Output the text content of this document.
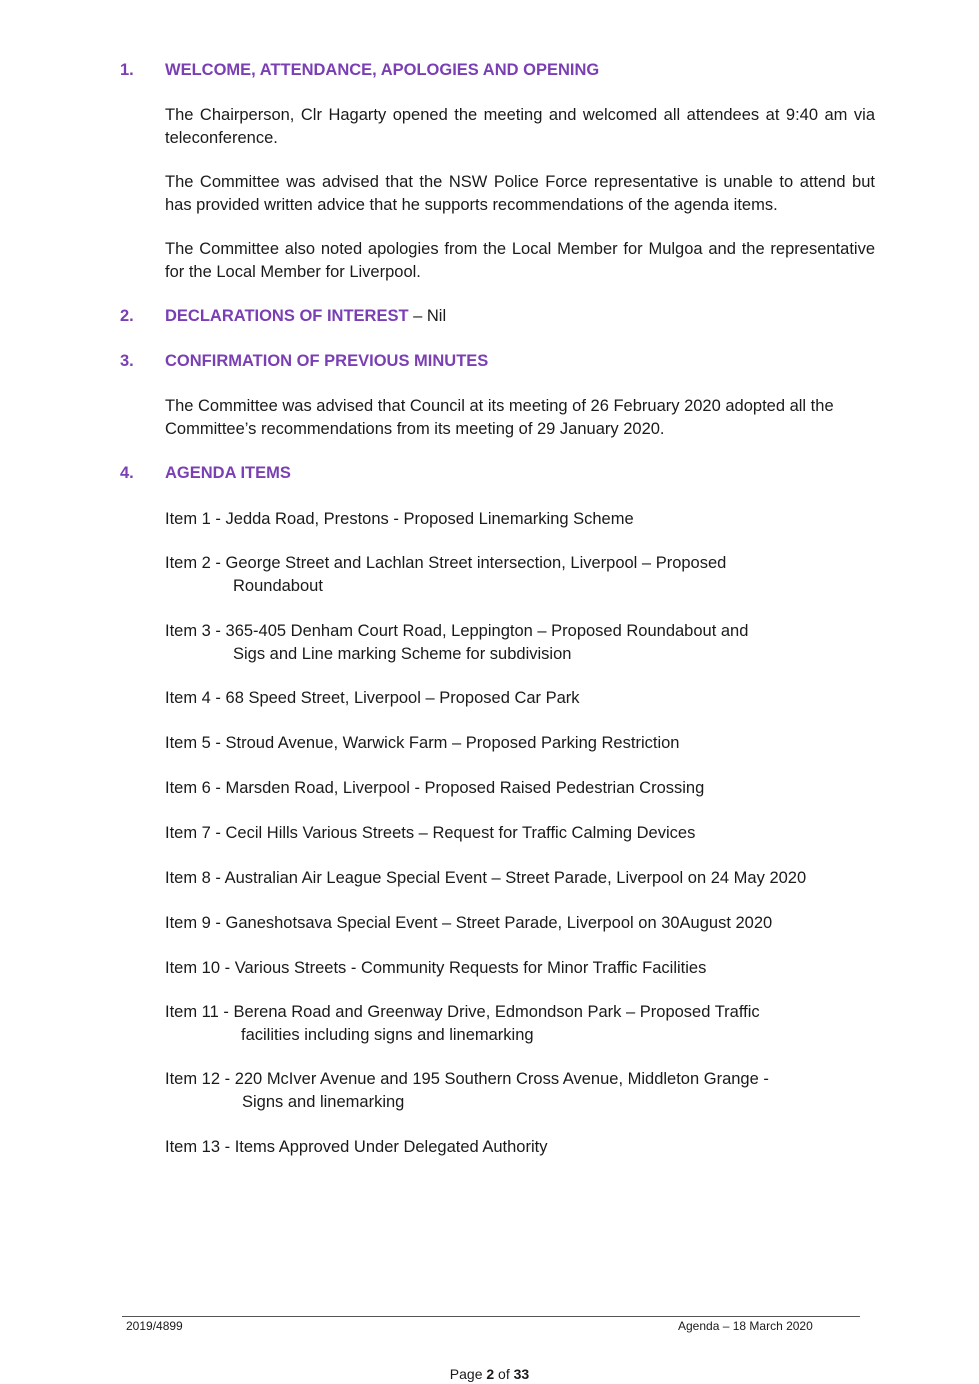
1. WELCOME, ATTENDANCE, APOLOGIES AND OPENING
The Chairperson, Clr Hagarty opened the meeting and welcomed all attendees at 9:40 am via teleconference.
The Committee was advised that the NSW Police Force representative is unable to attend but has provided written advice that he supports recommendations of the agenda items.
The Committee also noted apologies from the Local Member for Mulgoa and the representative for the Local Member for Liverpool.
2. DECLARATIONS OF INTEREST – Nil
3. CONFIRMATION OF PREVIOUS MINUTES
The Committee was advised that Council at its meeting of 26 February 2020 adopted all the Committee’s recommendations from its meeting of 29 January 2020.
4. AGENDA ITEMS
Item 1 - Jedda Road, Prestons - Proposed Linemarking Scheme
Item 2 - George Street and Lachlan Street intersection, Liverpool – Proposed
Roundabout
Item 3 - 365-405 Denham Court Road, Leppington – Proposed Roundabout and
Sigs and Line marking Scheme for subdivision
Item 4 - 68 Speed Street, Liverpool – Proposed Car Park
Item 5 - Stroud Avenue, Warwick Farm – Proposed Parking Restriction
Item 6 - Marsden Road, Liverpool - Proposed Raised Pedestrian Crossing
Item 7 - Cecil Hills Various Streets – Request for Traffic Calming Devices
Item 8 - Australian Air League Special Event – Street Parade, Liverpool on 24 May 2020
Item 9 - Ganeshotsava Special Event – Street Parade, Liverpool on 30August 2020
Item 10 - Various Streets - Community Requests for Minor Traffic Facilities
Item 11 - Berena Road and Greenway Drive, Edmondson Park – Proposed Traffic
facilities including signs and linemarking
Item 12 - 220 McIver Avenue and 195 Southern Cross Avenue, Middleton Grange -
Signs and linemarking
Item 13 - Items Approved Under Delegated Authority
2019/4899	Agenda – 18 March 2020
Page 2 of 33
